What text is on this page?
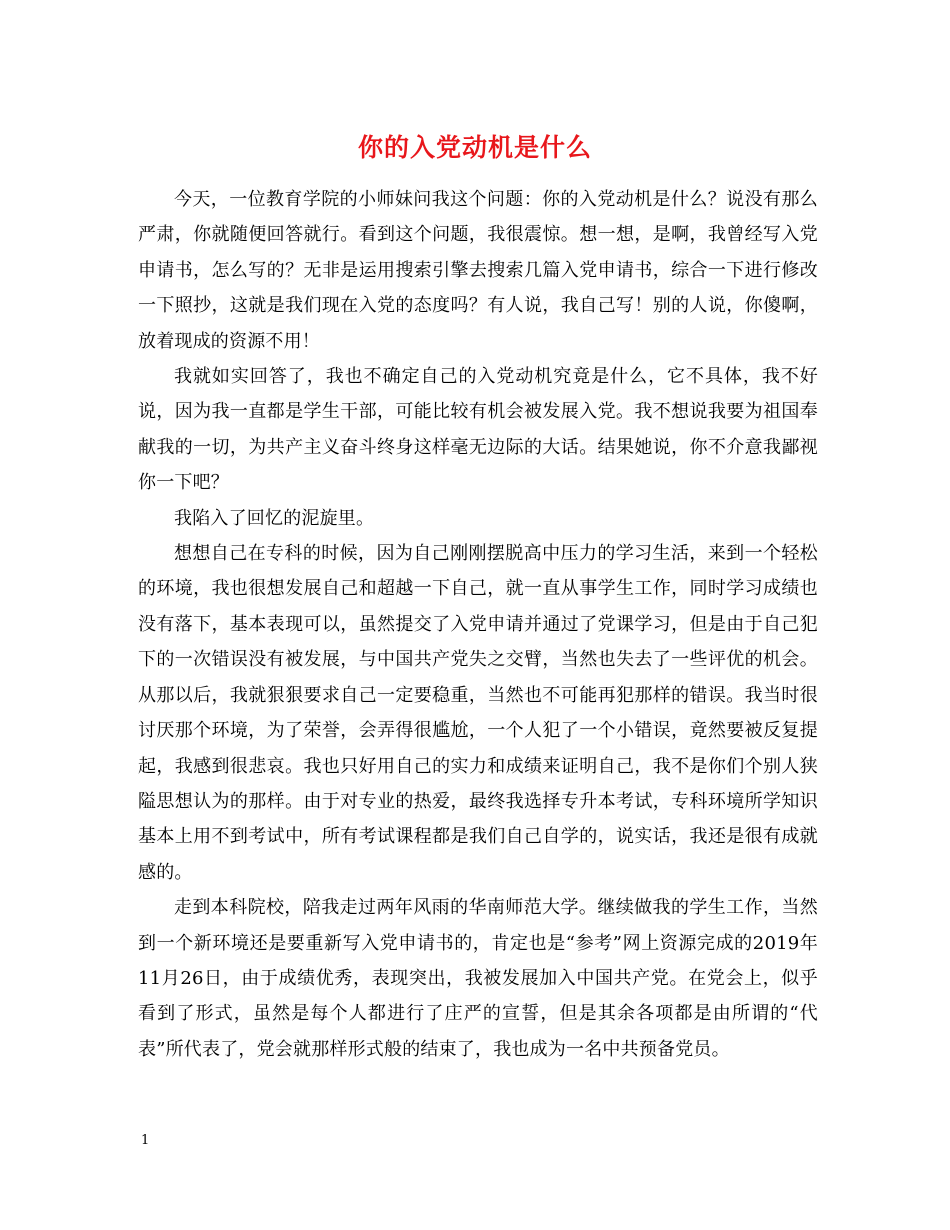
你的入党动机是什么

今天，一位教育学院的小师妹问我这个问题：你的入党动机是什么？说没有那么严肃，你就随便回答就行。看到这个问题，我很震惊。想一想，是啊，我曾经写入党申请书，怎么写的？无非是运用搜索引擎去搜索几篇入党申请书，综合一下进行修改一下照抄，这就是我们现在入党的态度吗？有人说，我自己写！别的人说，你傻啊，放着现成的资源不用！

我就如实回答了，我也不确定自己的入党动机究竟是什么，它不具体，我不好说，因为我一直都是学生干部，可能比较有机会被发展入党。我不想说我要为祖国奉献我的一切，为共产主义奋斗终身这样毫无边际的大话。结果她说，你不介意我鄙视你一下吧？

我陷入了回忆的泥旋里。

想想自己在专科的时候，因为自己刚刚摆脱高中压力的学习生活，来到一个轻松的环境，我也很想发展自己和超越一下自己，就一直从事学生工作，同时学习成绩也没有落下，基本表现可以，虽然提交了入党申请并通过了党课学习，但是由于自己犯下的一次错误没有被发展，与中国共产党失之交臂，当然也失去了一些评优的机会。从那以后，我就狠狠要求自己一定要稳重，当然也不可能再犯那样的错误。我当时很讨厌那个环境，为了荣誉，会弄得很尴尬，一个人犯了一个小错误，竟然要被反复提起，我感到很悲哀。我也只好用自己的实力和成绩来证明自己，我不是你们个别人狭隘思想认为的那样。由于对专业的热爱，最终我选择专升本考试，专科环境所学知识基本上用不到考试中，所有考试课程都是我们自己自学的，说实话，我还是很有成就感的。

走到本科院校，陪我走过两年风雨的华南师范大学。继续做我的学生工作，当然到一个新环境还是要重新写入党申请书的，肯定也是“参考”网上资源完成的2019年11月26日，由于成绩优秀，表现突出，我被发展加入中国共产党。在党会上，似乎看到了形式，虽然是每个人都进行了庄严的宣誓，但是其余各项都是由所谓的“代表”所代表了，党会就那样形式般的结束了，我也成为一名中共预备党员。

1
